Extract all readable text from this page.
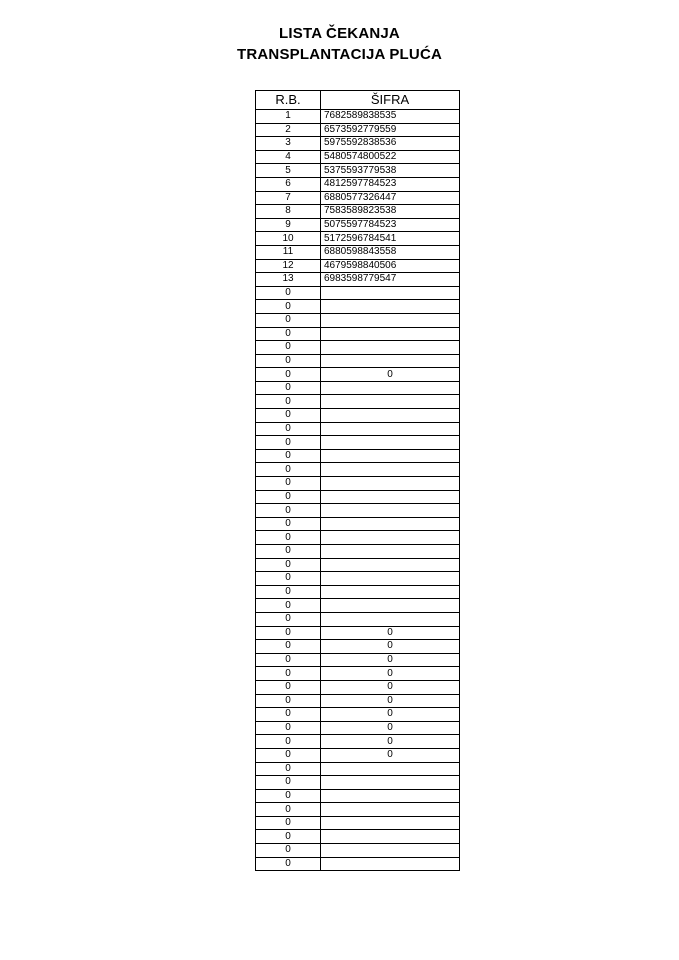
LISTA ČEKANJA
TRANSPLANTACIJA PLUĆA
R.B.	ŠIFRA
1	7682589838535
2	6573592779559
3	5975592838536
4	5480574800522
5	5375593779538
6	4812597784523
7	6880577326447
8	7583589823538
9	5075597784523
10	5172596784541
11	6880598843558
12	4679598840506
13	6983598779547
0	
0	
0	
0	
0	
0	
0	0
0	
0	
0	
0	
0	
0	
0	
0	
0	
0	
0	
0	
0	
0	
0	
0	
0	
0	
0	0
0	0
0	0
0	0
0	0
0	0
0	0
0	0
0	0
0	0
0	
0	
0	
0	
0	
0	
0	
0	
